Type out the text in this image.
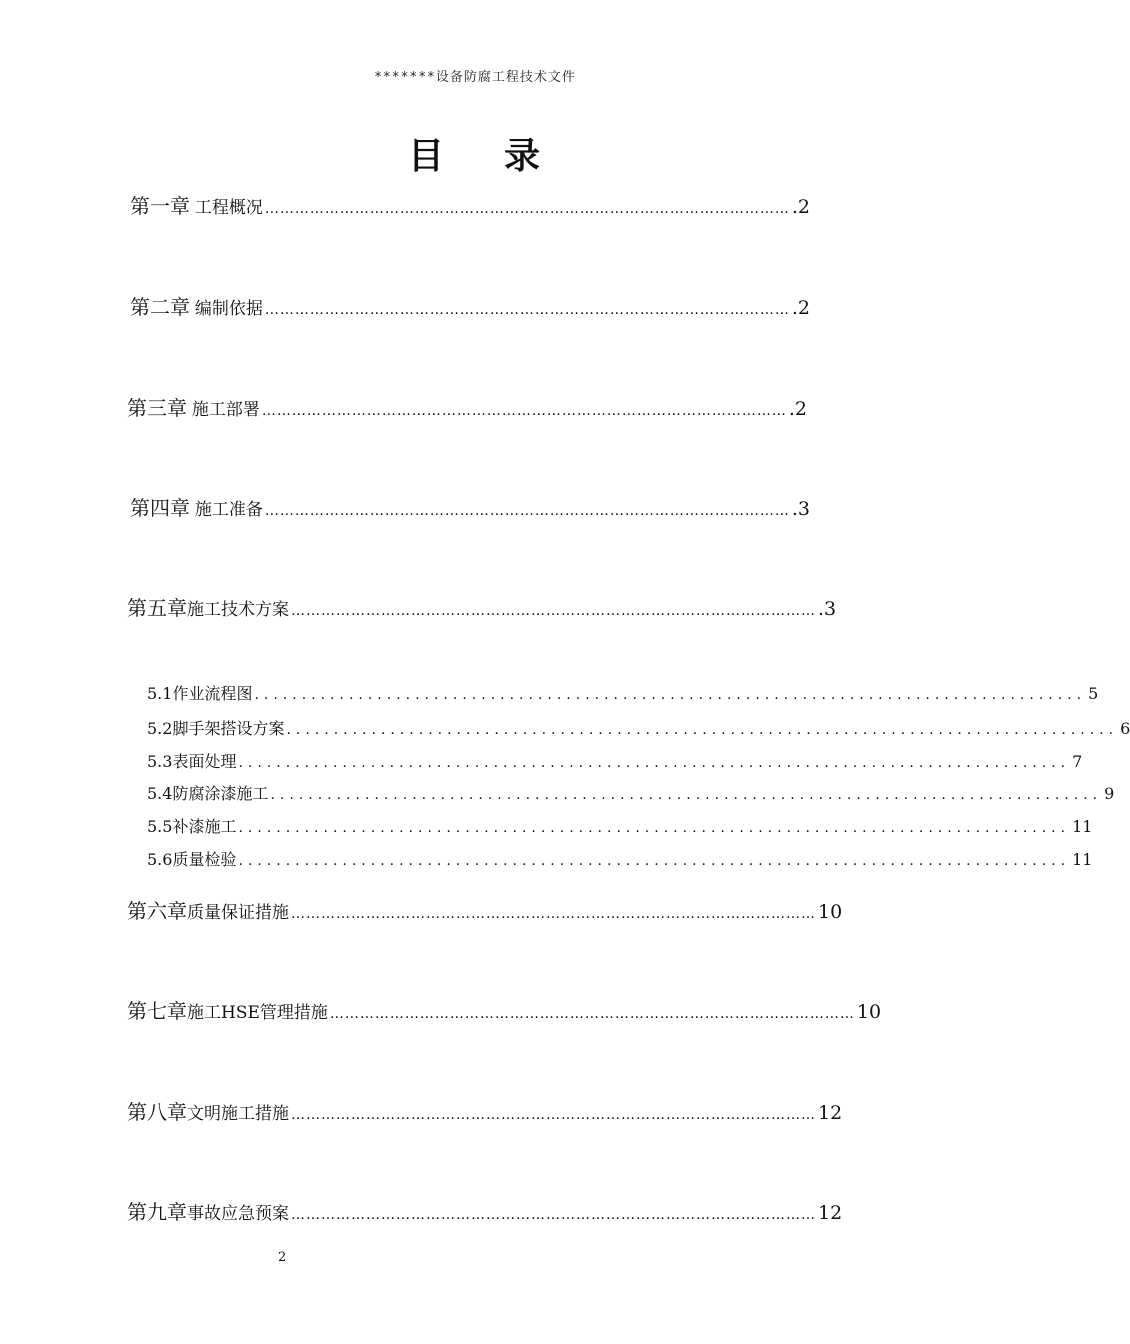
*******设备防腐工程技术文件
目 录
第一章 工程概况 …………………………………………………………………………………………… .2
第二章 编制依据 …………………………………………………………………………………………… .2
第三章 施工部署 …………………………………………………………………………………………… .2
第四章 施工准备 …………………………………………………………………………………………… .3
第五章 施工技术方案 …………………………………………………………………………………………… .3
5.1作业流程图 ........................................................................................ 5
5.2脚手架搭设方案 ........................................................................................ 6
5.3表面处理 ........................................................................................ 7
5.4防腐涂漆施工 ........................................................................................ 9
5.5补漆施工 ........................................................................................ 11
5.6质量检验 ........................................................................................ 11
第六章 质量保证措施 …………………………………………………………………………………………… 10
第七章 施工HSE管理措施 …………………………………………………………………………………………… 10
第八章 文明施工措施 …………………………………………………………………………………………… 12
第九章 事故应急预案 …………………………………………………………………………………………… 12
2
